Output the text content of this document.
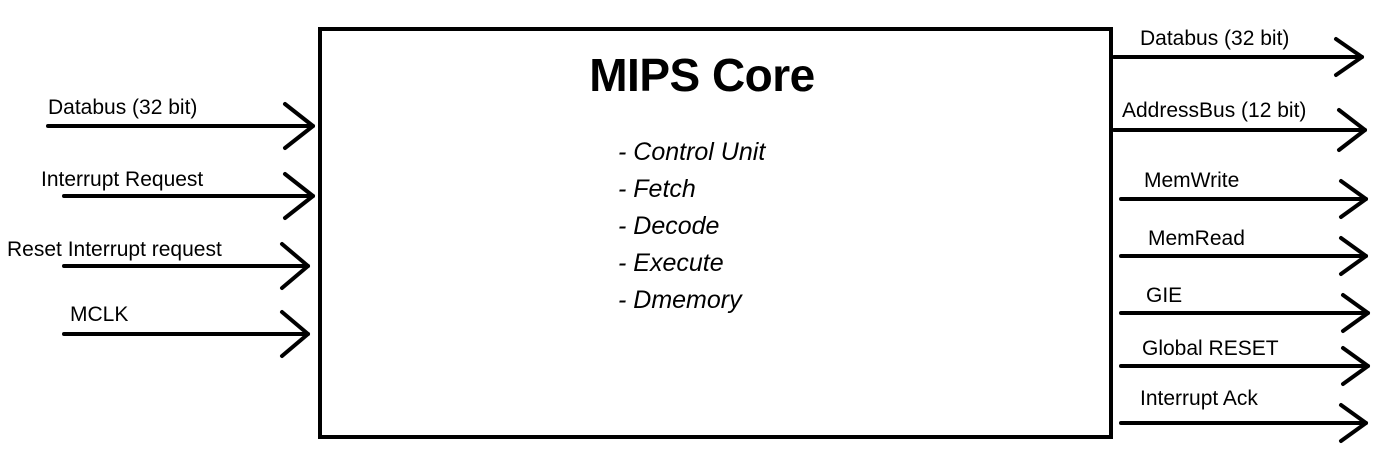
MIPS Core
- Control Unit
- Fetch
- Decode
- Execute
- Dmemory
Databus (32 bit)
Interrupt Request
Reset Interrupt request
MCLK
Databus (32 bit)
AddressBus (12 bit)
MemWrite
MemRead
GIE
Global RESET
Interrupt Ack
